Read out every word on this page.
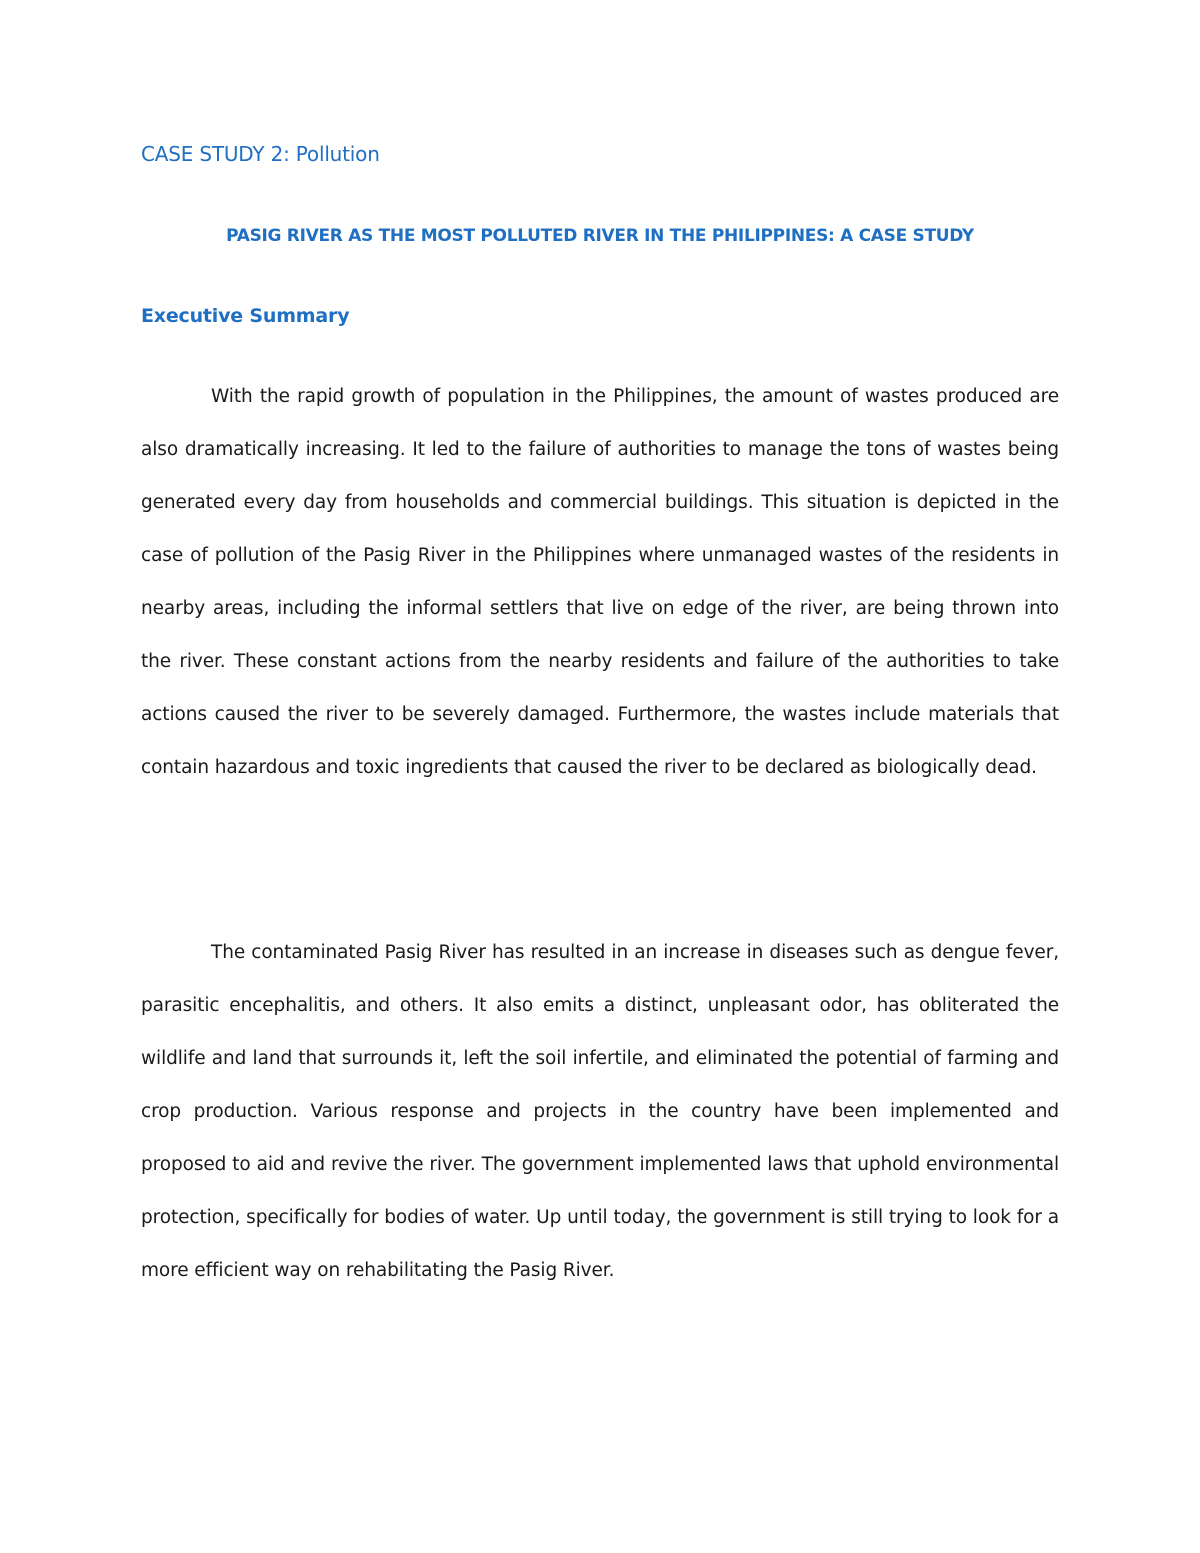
CASE STUDY 2: Pollution
PASIG RIVER AS THE MOST POLLUTED RIVER IN THE PHILIPPINES: A CASE STUDY
Executive Summary

With the rapid growth of population in the Philippines, the amount of wastes produced are also dramatically increasing. It led to the failure of authorities to manage the tons of wastes being generated every day from households and commercial buildings. This situation is depicted in the case of pollution of the Pasig River in the Philippines where unmanaged wastes of the residents in nearby areas, including the informal settlers that live on edge of the river, are being thrown into the river. These constant actions from the nearby residents and failure of the authorities to take actions caused the river to be severely damaged. Furthermore, the wastes include materials that contain hazardous and toxic ingredients that caused the river to be declared as biologically dead.

The contaminated Pasig River has resulted in an increase in diseases such as dengue fever, parasitic encephalitis, and others. It also emits a distinct, unpleasant odor, has obliterated the wildlife and land that surrounds it, left the soil infertile, and eliminated the potential of farming and crop production. Various response and projects in the country have been implemented and proposed to aid and revive the river. The government implemented laws that uphold environmental protection, specifically for bodies of water. Up until today, the government is still trying to look for a more efficient way on rehabilitating the Pasig River.
